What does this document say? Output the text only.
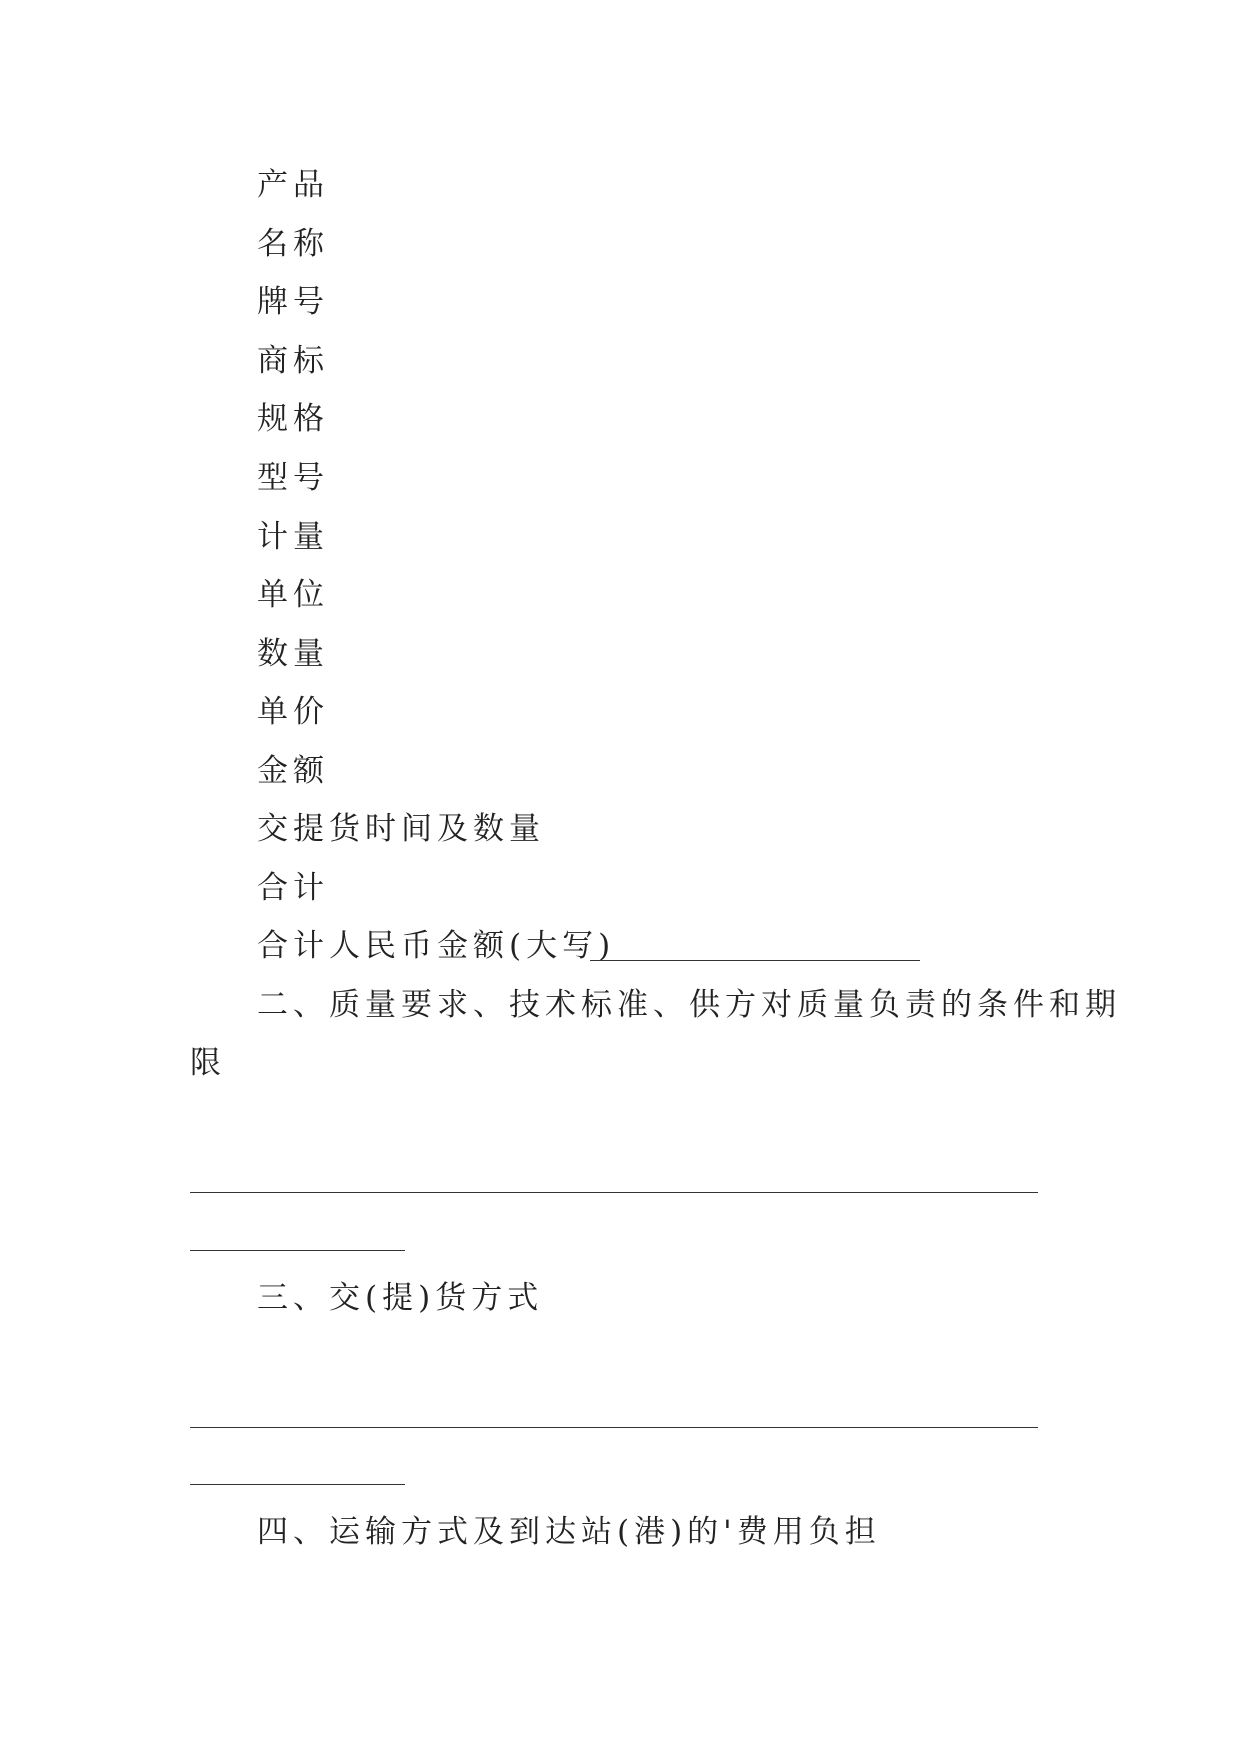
产品
名称
牌号
商标
规格
型号
计量
单位
数量
单价
金额
交提货时间及数量
合计
合计人民币金额(大写)
二、质量要求、技术标准、供方对质量负责的条件和期
限
三、交(提)货方式
四、运输方式及到达站(港)的'费用负担
